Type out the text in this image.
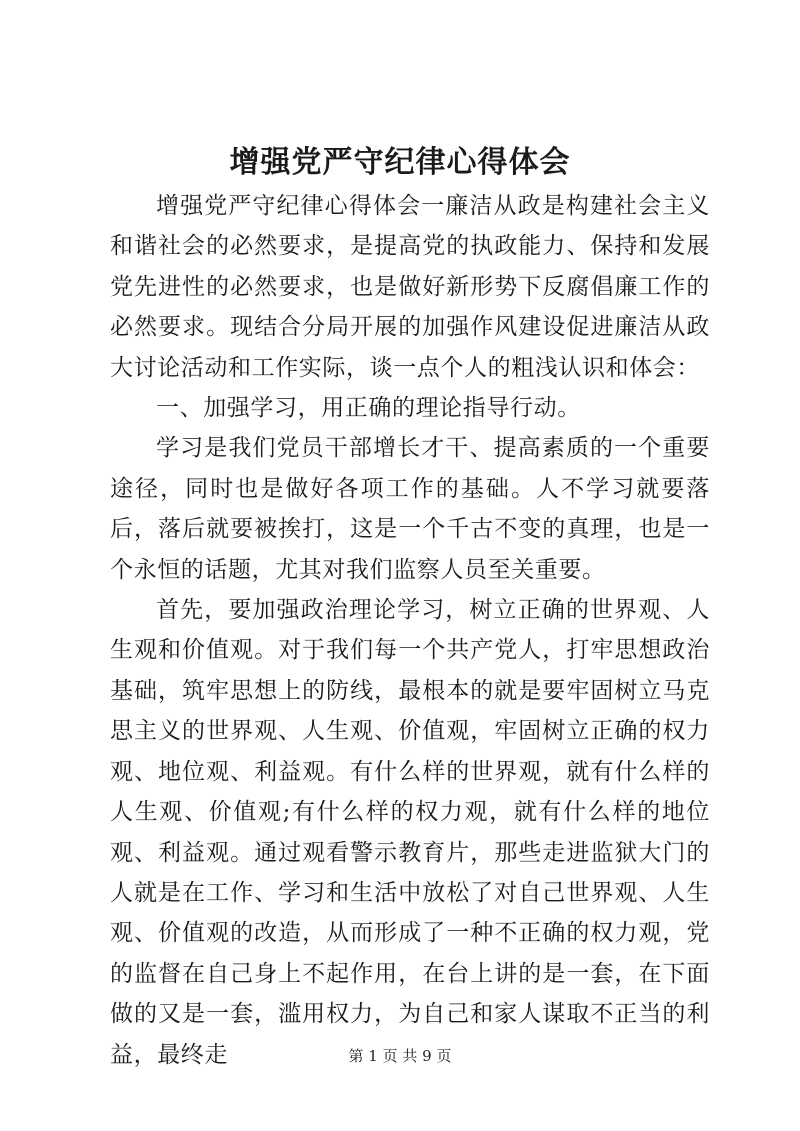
增强党严守纪律心得体会

增强党严守纪律心得体会一廉洁从政是构建社会主义和谐社会的必然要求，是提高党的执政能力、保持和发展党先进性的必然要求，也是做好新形势下反腐倡廉工作的必然要求。现结合分局开展的加强作风建设促进廉洁从政大讨论活动和工作实际，谈一点个人的粗浅认识和体会：

一、加强学习，用正确的理论指导行动。

学习是我们党员干部增长才干、提高素质的一个重要途径，同时也是做好各项工作的基础。人不学习就要落后，落后就要被挨打，这是一个千古不变的真理，也是一个永恒的话题，尤其对我们监察人员至关重要。

首先，要加强政治理论学习，树立正确的世界观、人生观和价值观。对于我们每一个共产党人，打牢思想政治基础，筑牢思想上的防线，最根本的就是要牢固树立马克思主义的世界观、人生观、价值观，牢固树立正确的权力观、地位观、利益观。有什么样的世界观，就有什么样的人生观、价值观;有什么样的权力观，就有什么样的地位观、利益观。通过观看警示教育片，那些走进监狱大门的人就是在工作、学习和生活中放松了对自己世界观、人生观、价值观的改造，从而形成了一种不正确的权力观，党的监督在自己身上不起作用，在台上讲的是一套，在下面做的又是一套，滥用权力，为自己和家人谋取不正当的利益，最终走	第 1 页 共 9 页
